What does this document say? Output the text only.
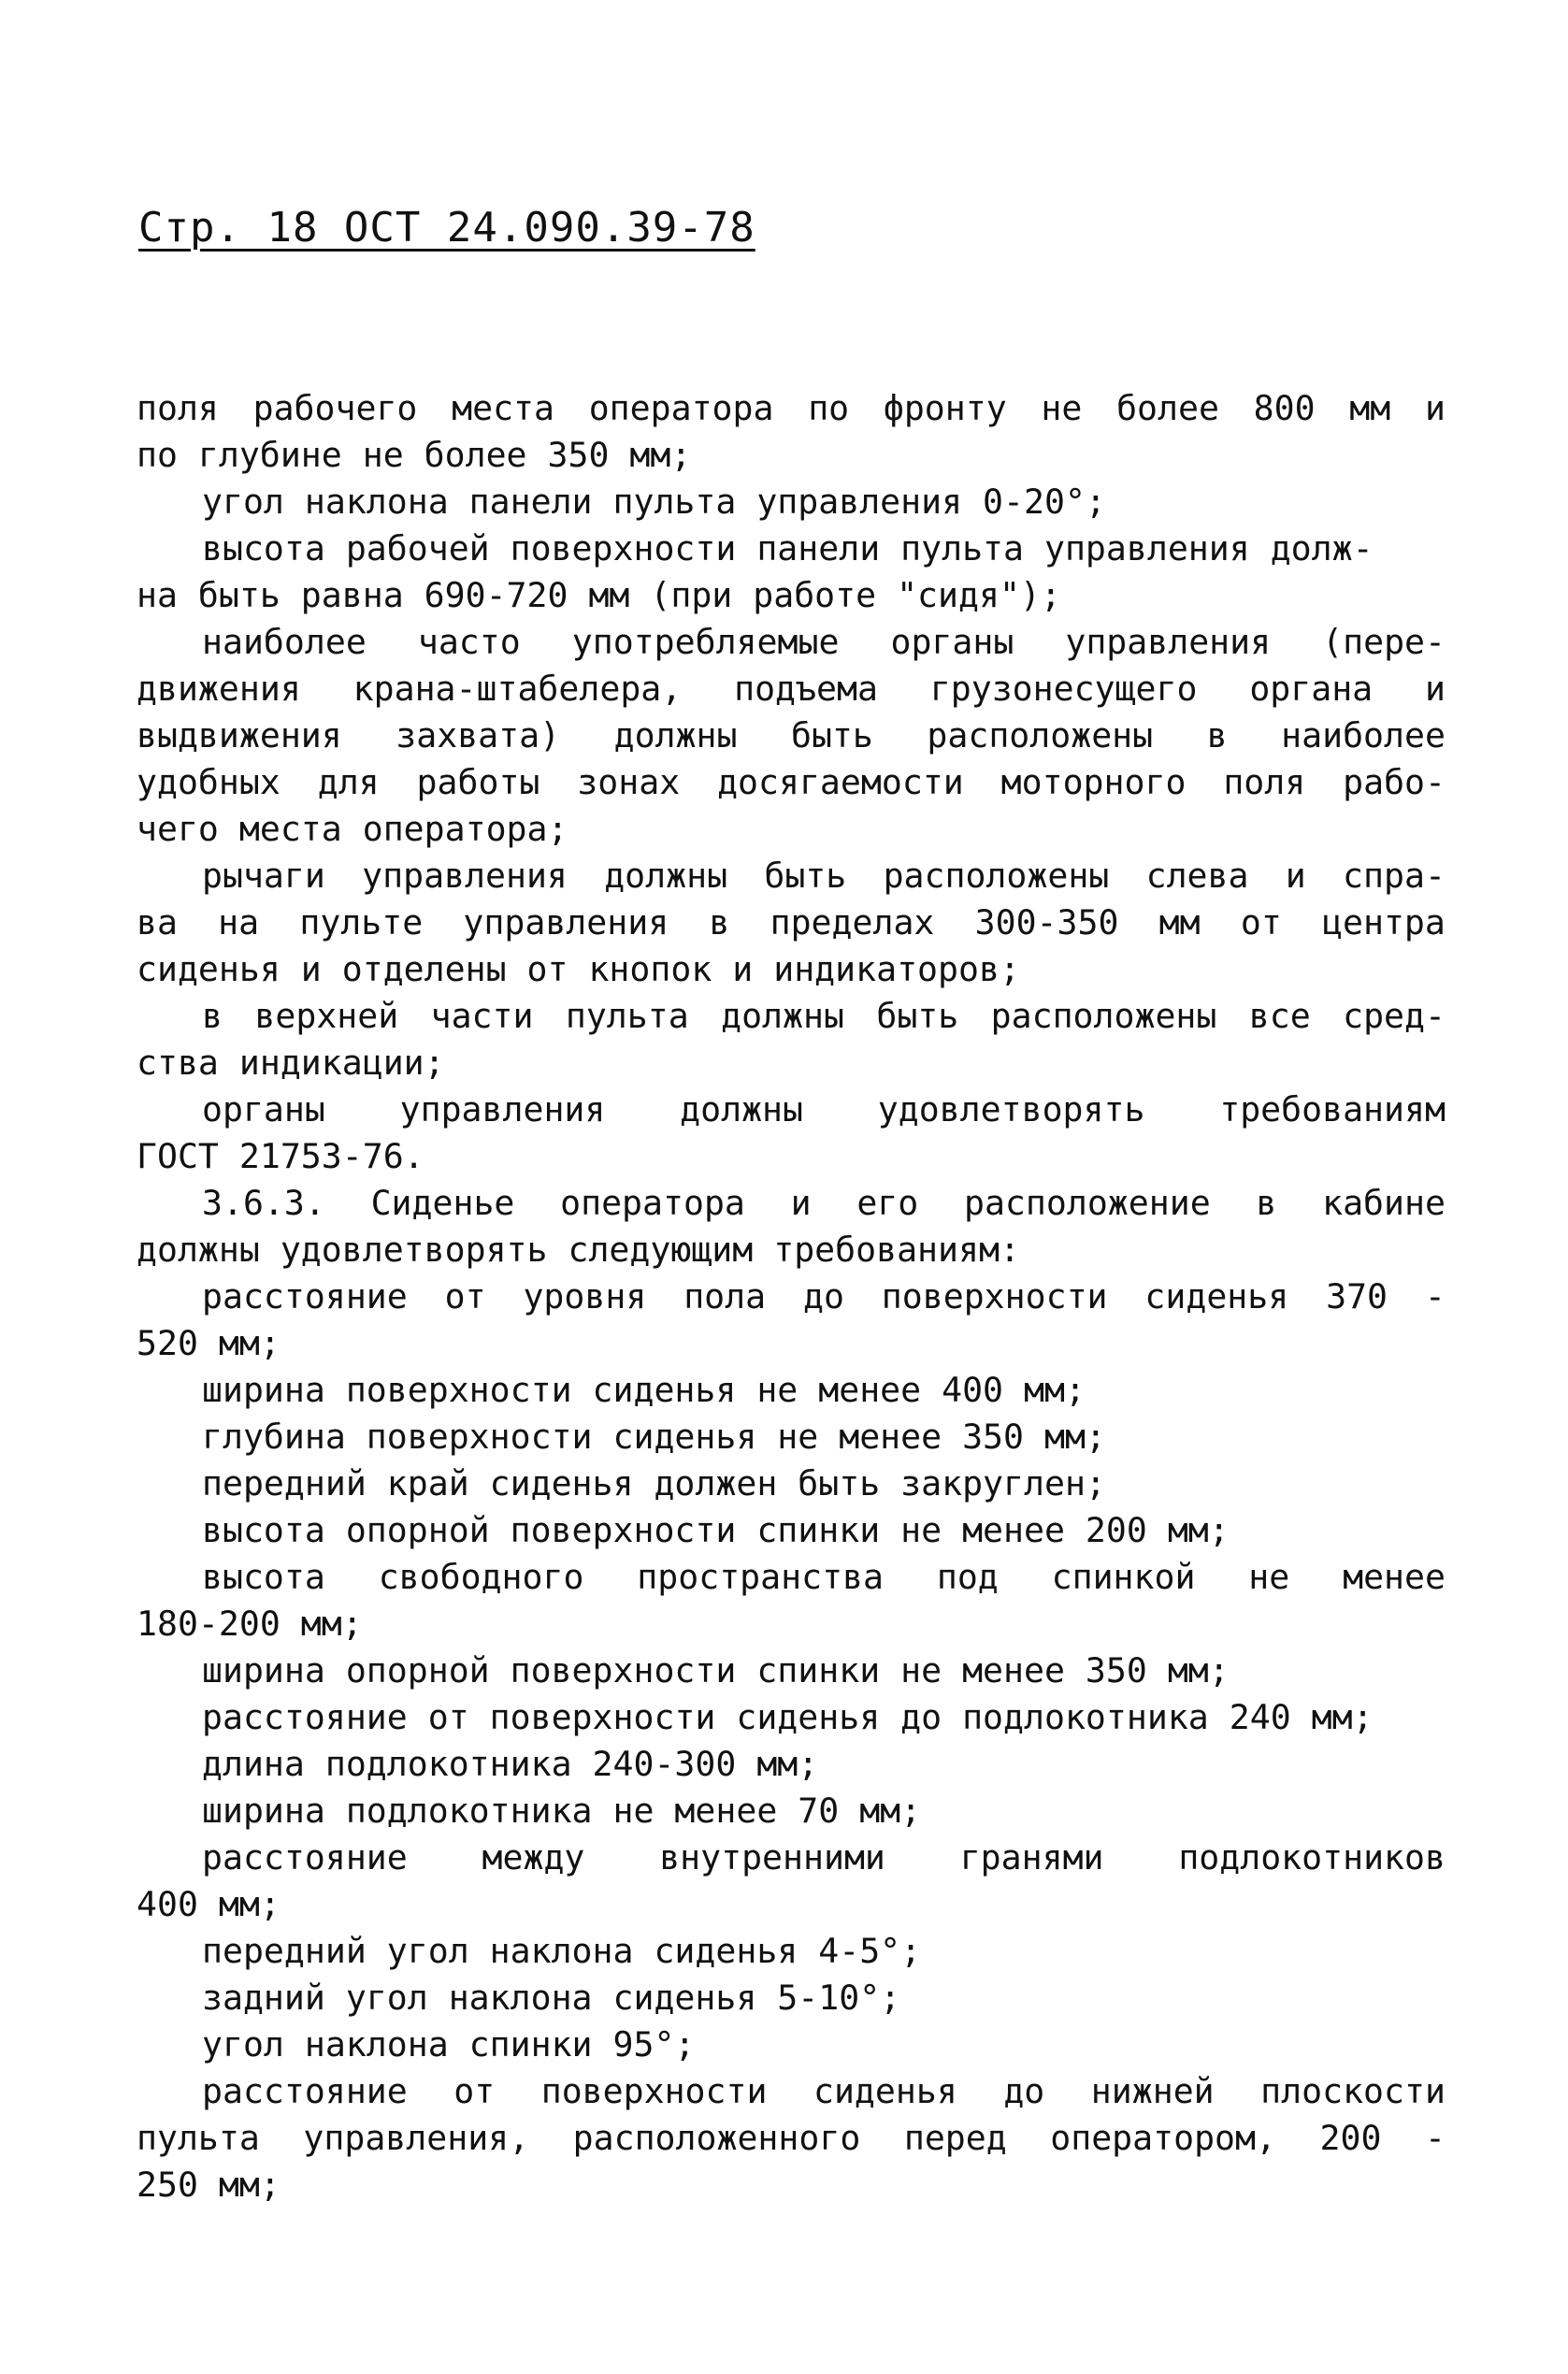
Стр. 18 ОСТ 24.090.39-78
поля рабочего места оператора по фронту не более 800 мм и
по глубине не более 350 мм;
угол наклона панели пульта управления 0-20°;
высота рабочей поверхности панели пульта управления долж-
на быть равна 690-720 мм (при работе "сидя");
наиболее часто употребляемые органы управления (пере-
движения крана-штабелера, подъема грузонесущего органа и
выдвижения захвата) должны быть расположены в наиболее
удобных для работы зонах досягаемости моторного поля рабо-
чего места оператора;
рычаги управления должны быть расположены слева и спра-
ва на пульте управления в пределах 300-350 мм от центра
сиденья и отделены от кнопок и индикаторов;
в верхней части пульта должны быть расположены все сред-
ства индикации;
органы управления должны удовлетворять требованиям
ГОСТ 21753-76.
3.6.3. Сиденье оператора и его расположение в кабине
должны удовлетворять следующим требованиям:
расстояние от уровня пола до поверхности сиденья 370 -
520 мм;
ширина поверхности сиденья не менее 400 мм;
глубина поверхности сиденья не менее 350 мм;
передний край сиденья должен быть закруглен;
высота опорной поверхности спинки не менее 200 мм;
высота свободного пространства под спинкой не менее
180-200 мм;
ширина опорной поверхности спинки не менее 350 мм;
расстояние от поверхности сиденья до подлокотника 240 мм;
длина подлокотника 240-300 мм;
ширина подлокотника не менее 70 мм;
расстояние между внутренними гранями подлокотников
400 мм;
передний угол наклона сиденья 4-5°;
задний угол наклона сиденья 5-10°;
угол наклона спинки 95°;
расстояние от поверхности сиденья до нижней плоскости
пульта управления, расположенного перед оператором, 200 -
250 мм;
